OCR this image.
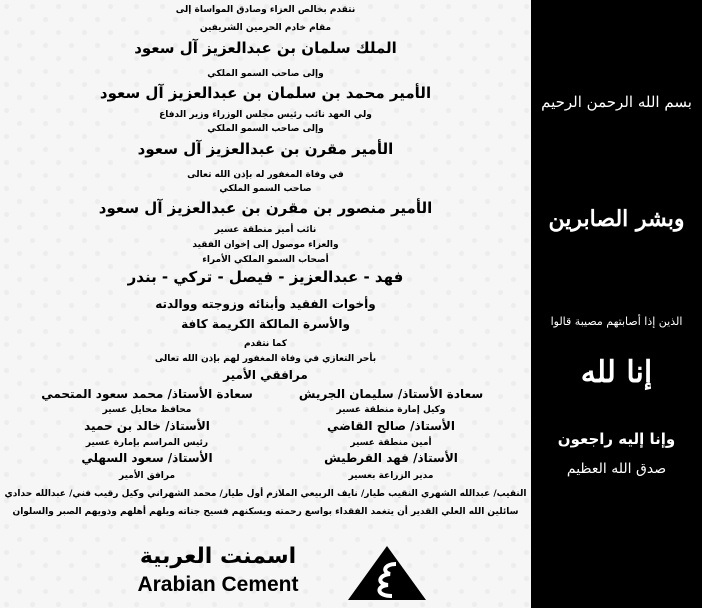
نتقدم بخالص العزاء وصادق المواساة إلى
مقام خادم الحرمين الشريفين
الملك سلمان بن عبدالعزيز آل سعود
وإلى صاحب السمو الملكي
الأمير محمد بن سلمان بن عبدالعزيز آل سعود
ولي العهد نائب رئيس مجلس الوزراء وزير الدفاع
وإلى صاحب السمو الملكي
الأمير مقرن بن عبدالعزيز آل سعود
في وفاة المغفور له بإذن الله تعالى
صاحب السمو الملكي
الأمير منصور بن مقرن بن عبدالعزيز آل سعود
نائب أمير منطقة عسير
والعزاء موصول إلى إخوان الفقيد
أصحاب السمو الملكي الأمراء
فهد - عبدالعزيز - فيصل - تركي - بندر
وأخوات الفقيد وأبنائه وزوجته ووالدته
والأسرة المالكة الكريمة كافة
كما نتقدم
بأحر التعازي في وفاة المغفور لهم بإذن الله تعالى
مرافقي الأمير
سعادة الأستاذ/ سليمان الجريش
سعادة الأستاذ/ محمد سعود المتحمي
وكيل إمارة منطقة عسير
محافظ محايل عسير
الأستاذ/ صالح القاضي
الأستاذ/ خالد بن حميد
أمين منطقة عسير
رئيس المراسم بإمارة عسير
الأستاذ/ فهد القرطيش
الأستاذ/ سعود السهلي
مدير الزراعة بعسير
مرافق الأمير
النقيب/ عبدالله الشهري النقيب طيار/ نايف الربيعي الملازم أول طيار/ محمد الشهراني وكيل رقيب فني/ عبدالله حدادي
سائلين الله العلي القدير أن يتغمد الفقداء بواسع رحمته ويسكنهم فسيح جناته ويلهم أهلهم وذويهم الصبر والسلوان
اسمنت العربية
Arabian Cement
بسم الله الرحمن الرحيم
وبشر الصابرين
الذين إذا أصابتهم مصيبة قالوا
إنا لله
وإنا إليه راجعون
صدق الله العظيم
